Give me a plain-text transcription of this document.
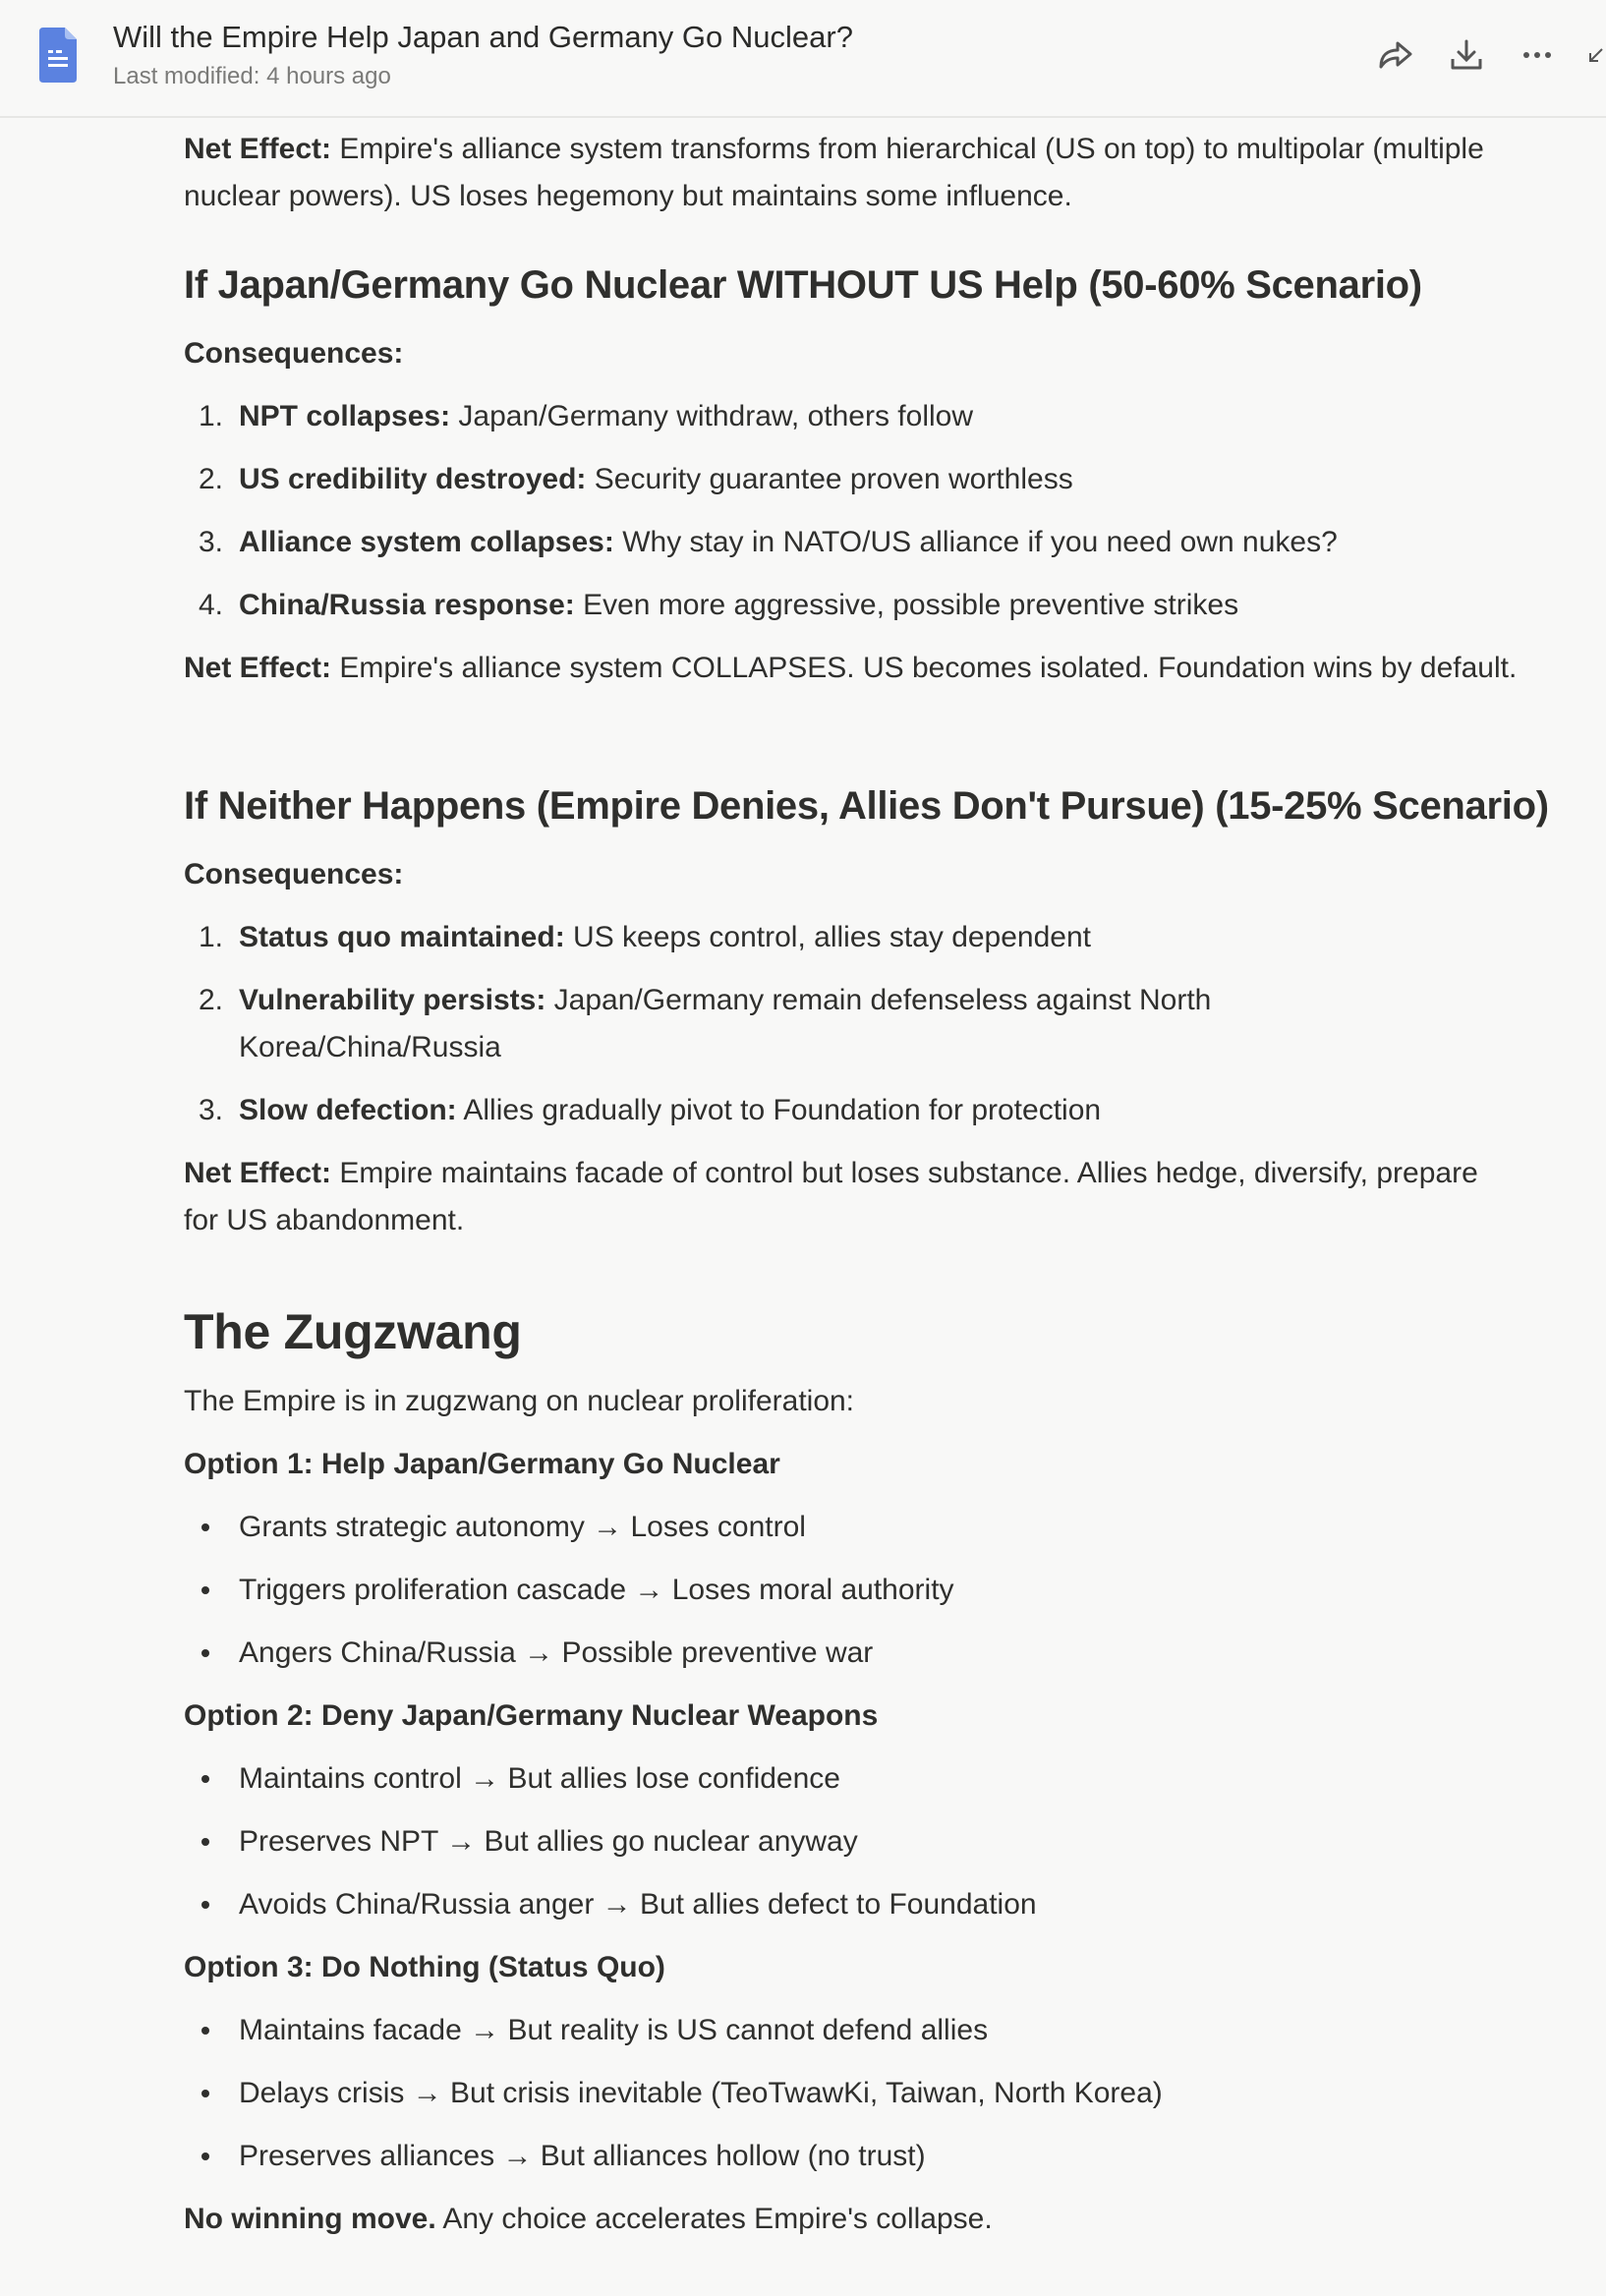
Will the Empire Help Japan and Germany Go Nuclear?
Last modified: 4 hours ago

Net Effect: Empire's alliance system transforms from hierarchical (US on top) to multipolar (multiple nuclear powers). US loses hegemony but maintains some influence.

If Japan/Germany Go Nuclear WITHOUT US Help (50-60% Scenario)

Consequences:

1. NPT collapses: Japan/Germany withdraw, others follow
2. US credibility destroyed: Security guarantee proven worthless
3. Alliance system collapses: Why stay in NATO/US alliance if you need own nukes?
4. China/Russia response: Even more aggressive, possible preventive strikes

Net Effect: Empire's alliance system COLLAPSES. US becomes isolated. Foundation wins by default.

If Neither Happens (Empire Denies, Allies Don't Pursue) (15-25% Scenario)

Consequences:

1. Status quo maintained: US keeps control, allies stay dependent
2. Vulnerability persists: Japan/Germany remain defenseless against North Korea/China/Russia
3. Slow defection: Allies gradually pivot to Foundation for protection

Net Effect: Empire maintains facade of control but loses substance. Allies hedge, diversify, prepare for US abandonment.

The Zugzwang

The Empire is in zugzwang on nuclear proliferation:

Option 1: Help Japan/Germany Go Nuclear

Grants strategic autonomy → Loses control
Triggers proliferation cascade → Loses moral authority
Angers China/Russia → Possible preventive war

Option 2: Deny Japan/Germany Nuclear Weapons

Maintains control → But allies lose confidence
Preserves NPT → But allies go nuclear anyway
Avoids China/Russia anger → But allies defect to Foundation

Option 3: Do Nothing (Status Quo)

Maintains facade → But reality is US cannot defend allies
Delays crisis → But crisis inevitable (TeoTwawKi, Taiwan, North Korea)
Preserves alliances → But alliances hollow (no trust)

No winning move. Any choice accelerates Empire's collapse.
